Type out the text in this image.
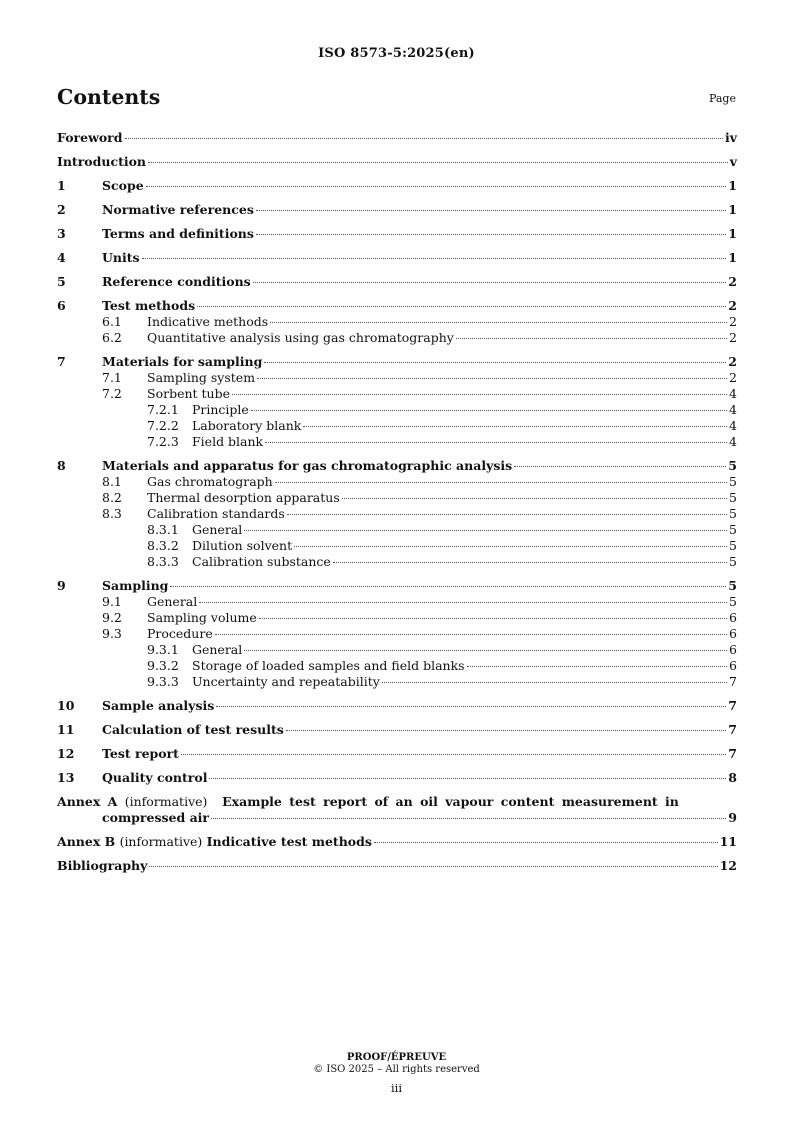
ISO 8573-5:2025(en)
Contents	Page
Foreword	iv
Introduction	v
1	Scope	1
2	Normative references	1
3	Terms and definitions	1
4	Units	1
5	Reference conditions	2
6	Test methods	2
6.1	Indicative methods	2
6.2	Quantitative analysis using gas chromatography	2
7	Materials for sampling	2
7.1	Sampling system	2
7.2	Sorbent tube	4
7.2.1	Principle	4
7.2.2	Laboratory blank	4
7.2.3	Field blank	4
8	Materials and apparatus for gas chromatographic analysis	5
8.1	Gas chromatograph	5
8.2	Thermal desorption apparatus	5
8.3	Calibration standards	5
8.3.1	General	5
8.3.2	Dilution solvent	5
8.3.3	Calibration substance	5
9	Sampling	5
9.1	General	5
9.2	Sampling volume	6
9.3	Procedure	6
9.3.1	General	6
9.3.2	Storage of loaded samples and field blanks	6
9.3.3	Uncertainty and repeatability	7
10	Sample analysis	7
11	Calculation of test results	7
12	Test report	7
13	Quality control	8
Annex A (informative) Example test report of an oil vapour content measurement in
compressed air	9
Annex B (informative) Indicative test methods	11
Bibliography	12
PROOF/ÉPREUVE
© ISO 2025 – All rights reserved
iii
